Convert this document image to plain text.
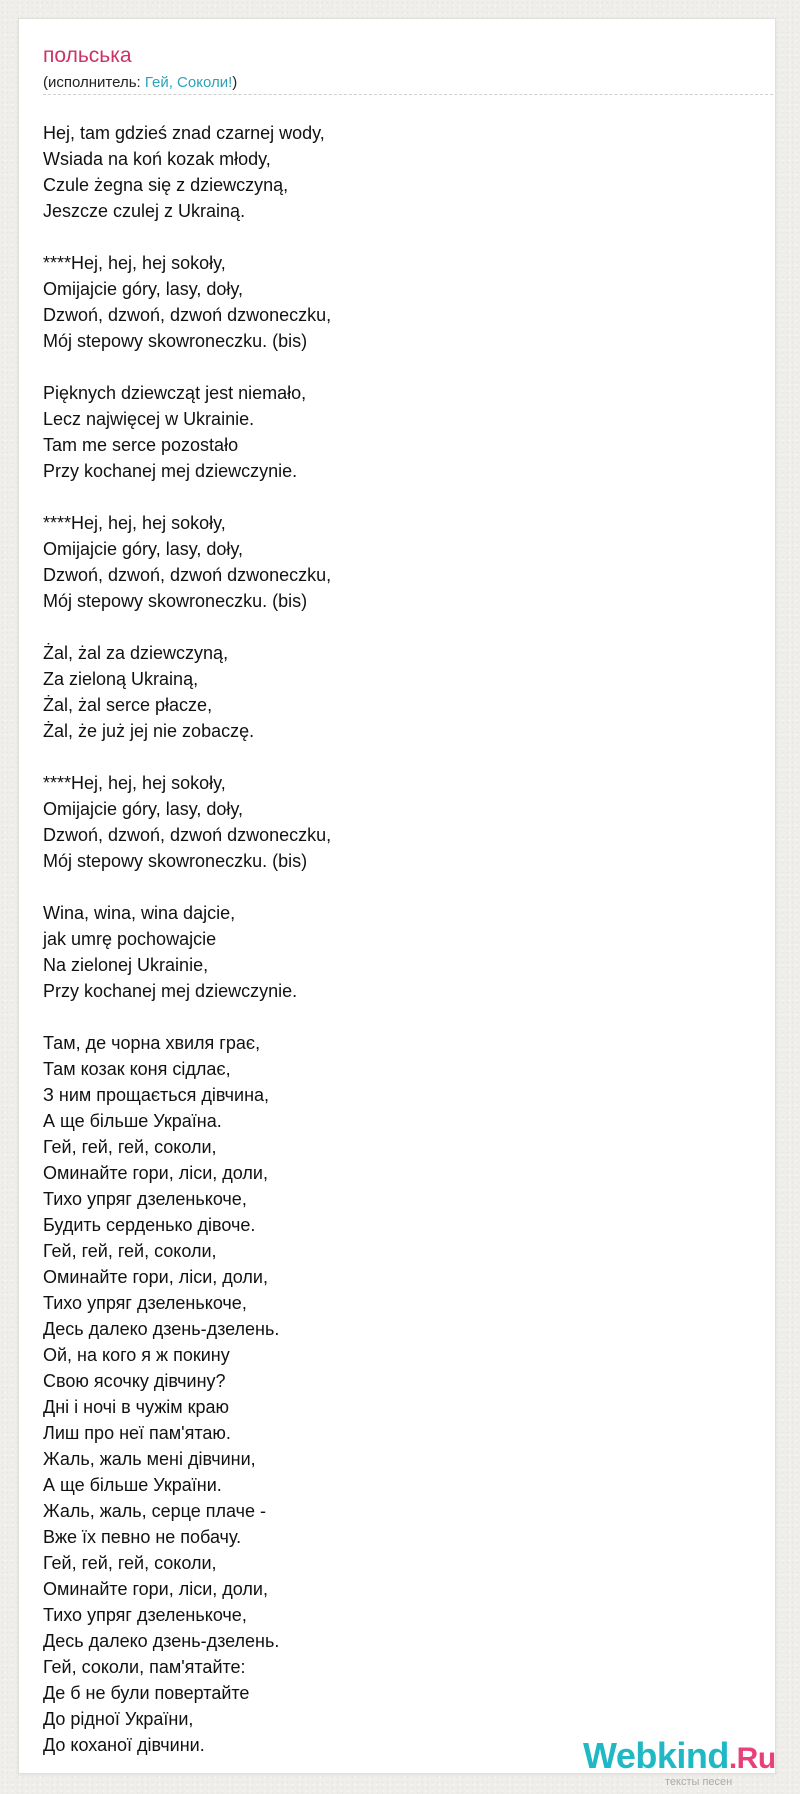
польська
(исполнитель: Гей, Соколи!)
Hej, tam gdzieś znad czarnej wody,
Wsiada na koń kozak młody,
Czule żegna się z dziewczyną,
Jeszcze czulej z Ukrainą.
****Hej, hej, hej sokoły,
Omijajcie góry, lasy, doły,
Dzwoń, dzwoń, dzwoń dzwoneczku,
Mój stepowy skowroneczku. (bis)
Pięknych dziewcząt jest niemało,
Lecz najwięcej w Ukrainie.
Tam me serce pozostało
Przy kochanej mej dziewczynie.
****Hej, hej, hej sokoły,
Omijajcie góry, lasy, doły,
Dzwoń, dzwoń, dzwoń dzwoneczku,
Mój stepowy skowroneczku. (bis)
Żal, żal za dziewczyną,
Za zieloną Ukrainą,
Żal, żal serce płacze,
Żal, że już jej nie zobaczę.
****Hej, hej, hej sokoły,
Omijajcie góry, lasy, doły,
Dzwoń, dzwoń, dzwoń dzwoneczku,
Mój stepowy skowroneczku. (bis)
Wina, wina, wina dajcie,
jak umrę pochowajcie
Na zielonej Ukrainie,
Przy kochanej mej dziewczynie.
Там, де чорна хвиля грає,
Там козак коня сідлає,
З ним прощається дівчина,
А ще більше Україна.
Гей, гей, гей, соколи,
Оминайте гори, ліси, доли,
Тихо упряг дзеленькоче,
Будить серденько дівоче.
Гей, гей, гей, соколи,
Оминайте гори, ліси, доли,
Тихо упряг дзеленькоче,
Десь далеко дзень-дзелень.
Ой, на кого я ж покину
Свою ясочку дівчину?
Дні і ночі в чужім краю
Лиш про неї пам'ятаю.
Жаль, жаль мені дівчини,
А ще більше України.
Жаль, жаль, серце плаче -
Вже їх певно не побачу.
Гей, гей, гей, соколи,
Оминайте гори, ліси, доли,
Тихо упряг дзеленькоче,
Десь далеко дзень-дзелень.
Гей, соколи, пам'ятайте:
Де б не були повертайте
До рідної України,
До коханої дівчини.	Webkind.Ru
тексты песен
